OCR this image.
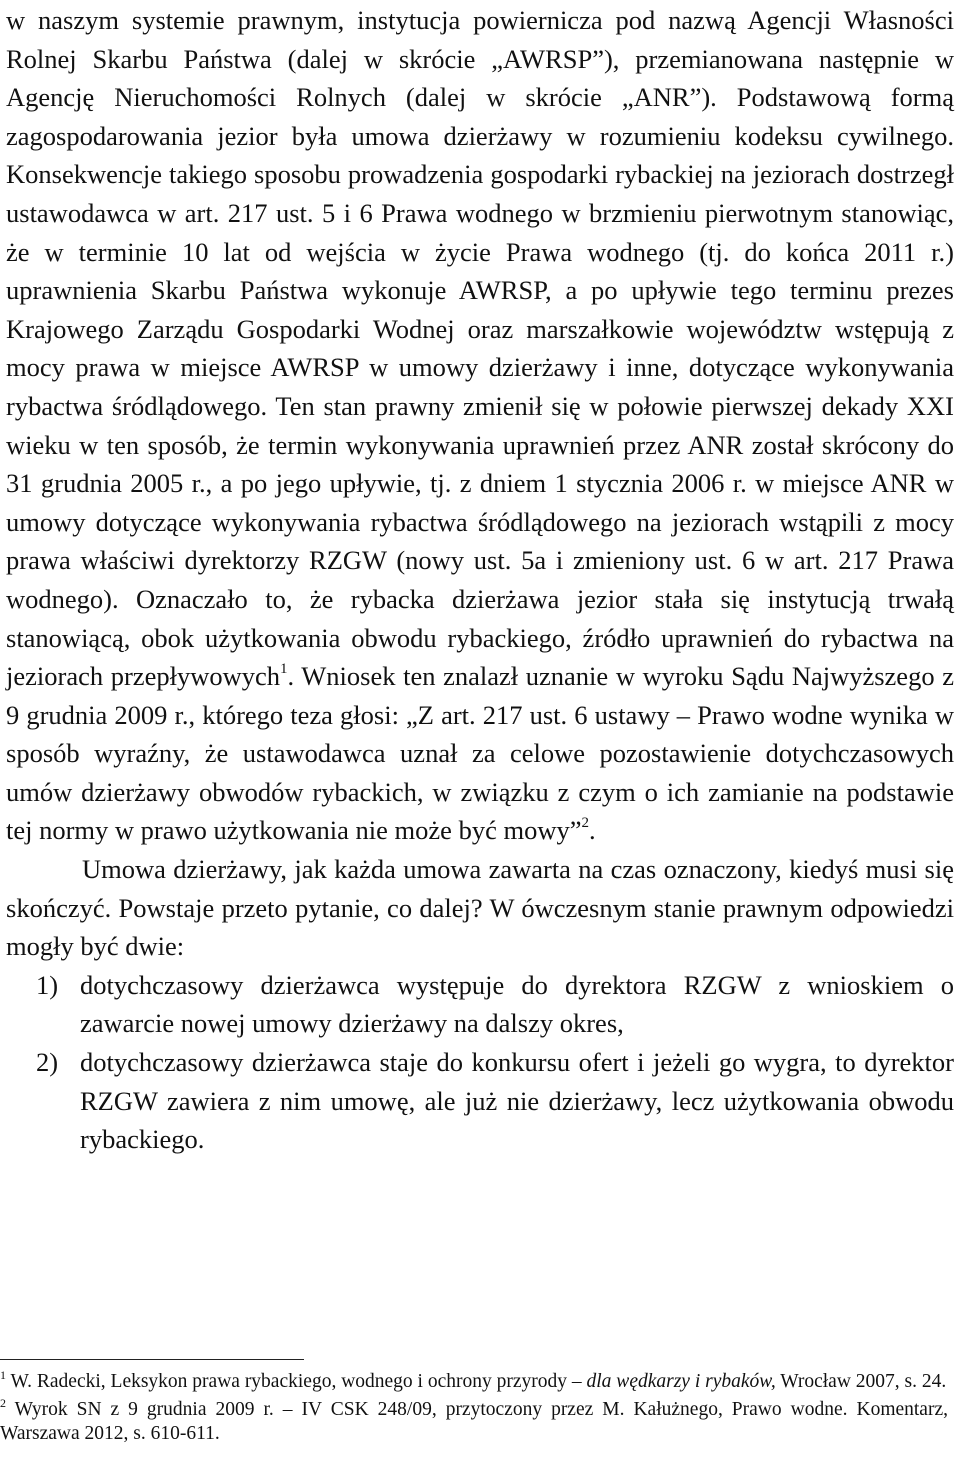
w naszym systemie prawnym, instytucja powiernicza pod nazwą Agencji Własności Rolnej Skarbu Państwa (dalej w skrócie „AWRSP”), przemianowana następnie w Agencję Nieruchomości Rolnych (dalej w skrócie „ANR”). Podstawową formą zagospodarowania jezior była umowa dzierżawy w rozumieniu kodeksu cywilnego. Konsekwencje takiego sposobu prowadzenia gospodarki rybackiej na jeziorach dostrzegł ustawodawca w art. 217 ust. 5 i 6 Prawa wodnego w brzmieniu pierwotnym stanowiąc, że w terminie 10 lat od wejścia w życie Prawa wodnego (tj. do końca 2011 r.) uprawnienia Skarbu Państwa wykonuje AWRSP, a po upływie tego terminu prezes Krajowego Zarządu Gospodarki Wodnej oraz marszałkowie województw wstępują z mocy prawa w miejsce AWRSP w umowy dzierżawy i inne, dotyczące wykonywania rybactwa śródlądowego. Ten stan prawny zmienił się w połowie pierwszej dekady XXI wieku w ten sposób, że termin wykonywania uprawnień przez ANR został skrócony do 31 grudnia 2005 r., a po jego upływie, tj. z dniem 1 stycznia 2006 r. w miejsce ANR w umowy dotyczące wykonywania rybactwa śródlądowego na jeziorach wstąpili z mocy prawa właściwi dyrektorzy RZGW (nowy ust. 5a i zmieniony ust. 6 w art. 217 Prawa wodnego). Oznaczało to, że rybacka dzierżawa jezior stała się instytucją trwałą stanowiącą, obok użytkowania obwodu rybackiego, źródło uprawnień do rybactwa na jeziorach przepływowych$^1$. Wniosek ten znalazł uznanie w wyroku Sądu Najwyższego z 9 grudnia 2009 r., którego teza głosi: „Z art. 217 ust. 6 ustawy – Prawo wodne wynika w sposób wyraźny, że ustawodawca uznał za celowe pozostawienie dotychczasowych umów dzierżawy obwodów rybackich, w związku z czym o ich zamianie na podstawie tej normy w prawo użytkowania nie może być mowy”$^2$.

Umowa dzierżawy, jak każda umowa zawarta na czas oznaczony, kiedyś musi się skończyć. Powstaje przeto pytanie, co dalej? W ówczesnym stanie prawnym odpowiedzi mogły być dwie:

1) dotychczasowy dzierżawca występuje do dyrektora RZGW z wnioskiem o zawarcie nowej umowy dzierżawy na dalszy okres,
2) dotychczasowy dzierżawca staje do konkursu ofert i jeżeli go wygra, to dyrektor RZGW zawiera z nim umowę, ale już nie dzierżawy, lecz użytkowania obwodu rybackiego.

$^1$ W. Radecki, Leksykon prawa rybackiego, wodnego i ochrony przyrody – dla wędkarzy i rybaków, Wrocław 2007, s. 24.

$^2$ Wyrok SN z 9 grudnia 2009 r. – IV CSK 248/09, przytoczony przez M. Kałużnego, Prawo wodne. Komentarz, Warszawa 2012, s. 610-611.
